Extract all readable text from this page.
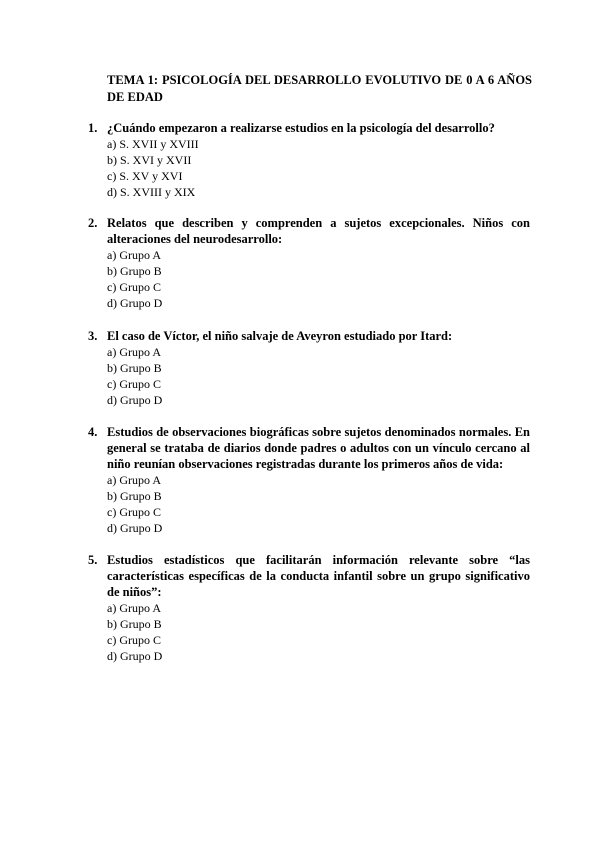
TEMA 1: PSICOLOGÍA DEL DESARROLLO EVOLUTIVO DE 0 A 6 AÑOS DE EDAD
1. ¿Cuándo empezaron a realizarse estudios en la psicología del desarrollo?
a) S. XVII y XVIII
b) S. XVI y XVII
c) S. XV y XVI
d) S. XVIII y XIX
2. Relatos que describen y comprenden a sujetos excepcionales. Niños con alteraciones del neurodesarrollo:
a) Grupo A
b) Grupo B
c) Grupo C
d) Grupo D
3. El caso de Víctor, el niño salvaje de Aveyron estudiado por Itard:
a) Grupo A
b) Grupo B
c) Grupo C
d) Grupo D
4. Estudios de observaciones biográficas sobre sujetos denominados normales. En general se trataba de diarios donde padres o adultos con un vínculo cercano al niño reunían observaciones registradas durante los primeros años de vida:
a) Grupo A
b) Grupo B
c) Grupo C
d) Grupo D
5. Estudios estadísticos que facilitarán información relevante sobre “las características específicas de la conducta infantil sobre un grupo significativo de niños”:
a) Grupo A
b) Grupo B
c) Grupo C
d) Grupo D
